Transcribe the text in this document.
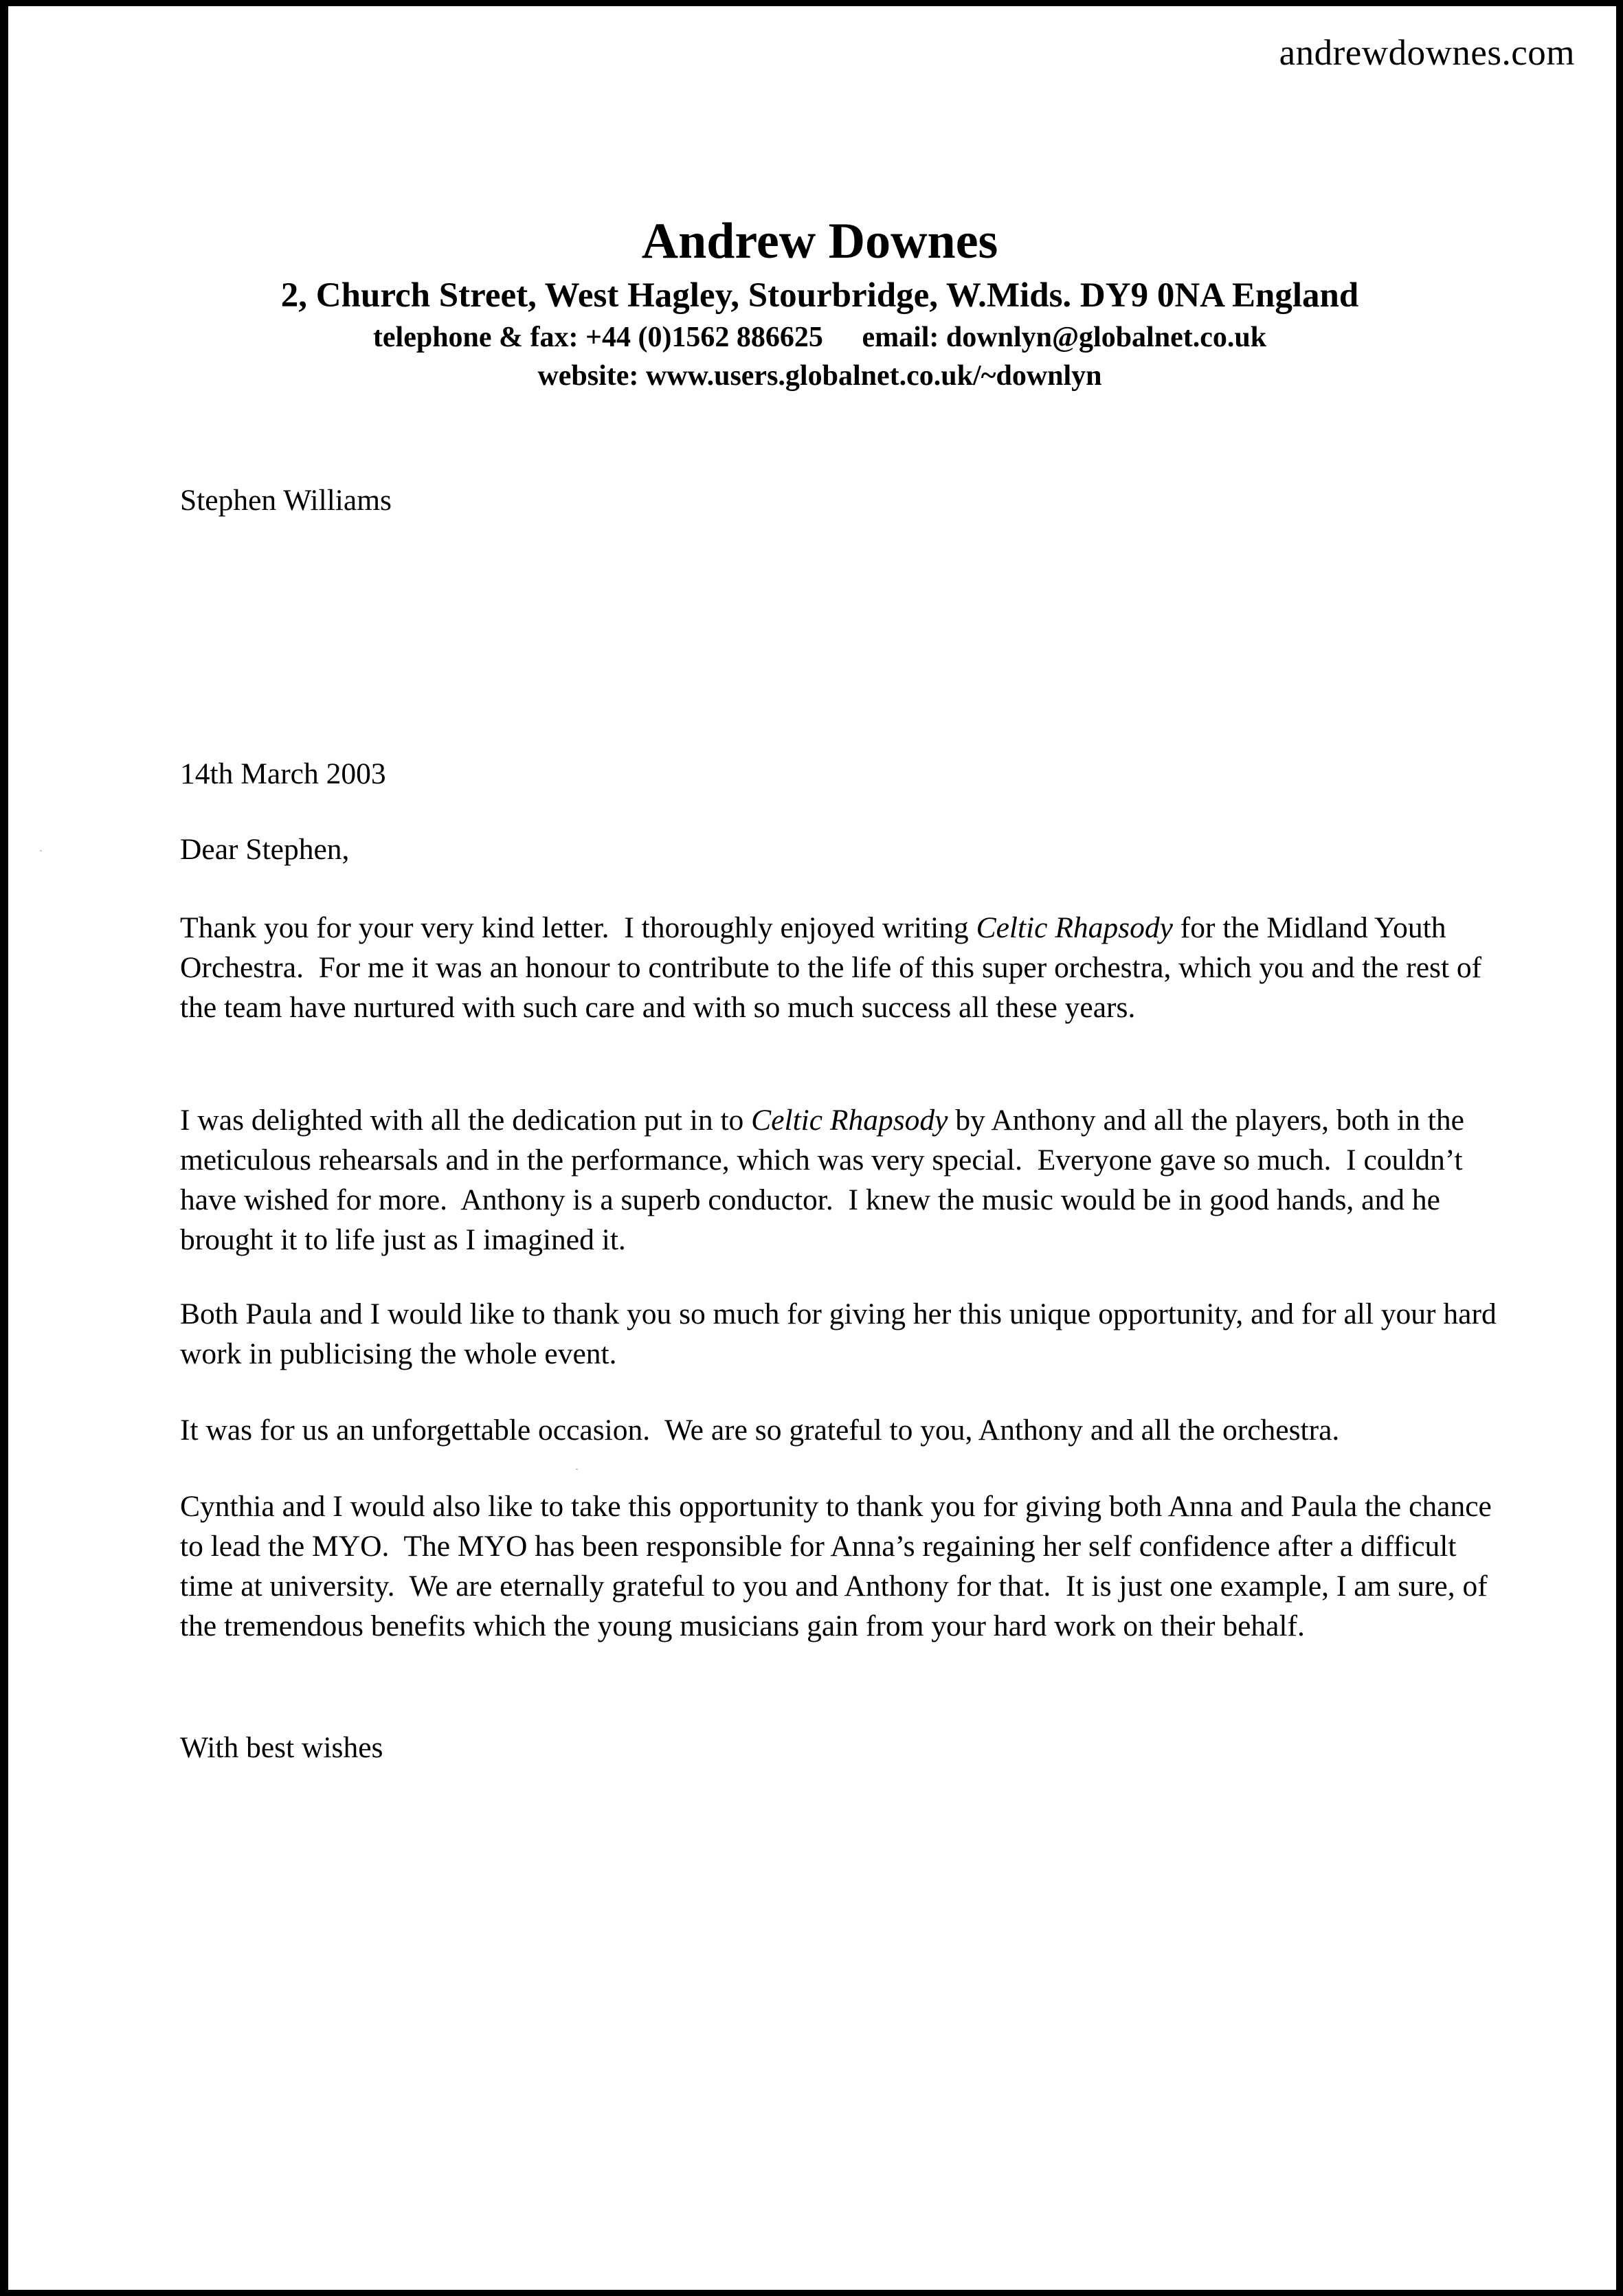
andrewdownes.com
Andrew Downes
2, Church Street, West Hagley, Stourbridge, W.Mids. DY9 0NA England
telephone & fax: +44 (0)1562 886625 email: downlyn@globalnet.co.uk
website: www.users.globalnet.co.uk/~downlyn
Stephen Williams
14th March 2003
Dear Stephen,

Thank you for your very kind letter.  I thoroughly enjoyed writing Celtic Rhapsody for the Midland Youth Orchestra.  For me it was an honour to contribute to the life of this super orchestra, which you and the rest of the team have nurtured with such care and with so much success all these years.

I was delighted with all the dedication put in to Celtic Rhapsody by Anthony and all the players, both in the meticulous rehearsals and in the performance, which was very special.  Everyone gave so much.  I couldn’t have wished for more.  Anthony is a superb conductor.  I knew the music would be in good hands, and he brought it to life just as I imagined it.

Both Paula and I would like to thank you so much for giving her this unique opportunity, and for all your hard work in publicising the whole event.

It was for us an unforgettable occasion.  We are so grateful to you, Anthony and all the orchestra.

Cynthia and I would also like to take this opportunity to thank you for giving both Anna and Paula the chance to lead the MYO.  The MYO has been responsible for Anna’s regaining her self confidence after a difficult time at university.  We are eternally grateful to you and Anthony for that.  It is just one example, I am sure, of the tremendous benefits which the young musicians gain from your hard work on their behalf.

With best wishes
